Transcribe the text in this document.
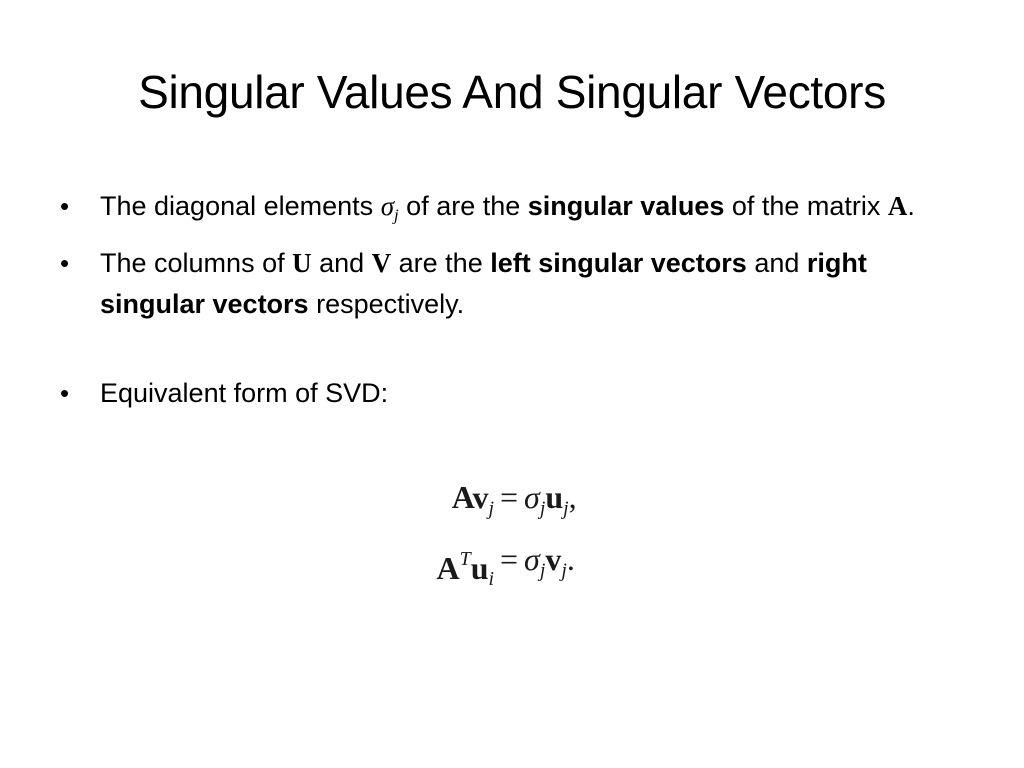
Singular Values And Singular Vectors
•	The diagonal elements $\sigma_j$ of are the singular values of the matrix A.
•	The columns of U and V are the left singular vectors and right singular vectors respectively.
•	Equivalent form of SVD:
$Av_j = \sigma_ju_j$,
$A^Tu_i$
= $\sigma_jv_j$.
